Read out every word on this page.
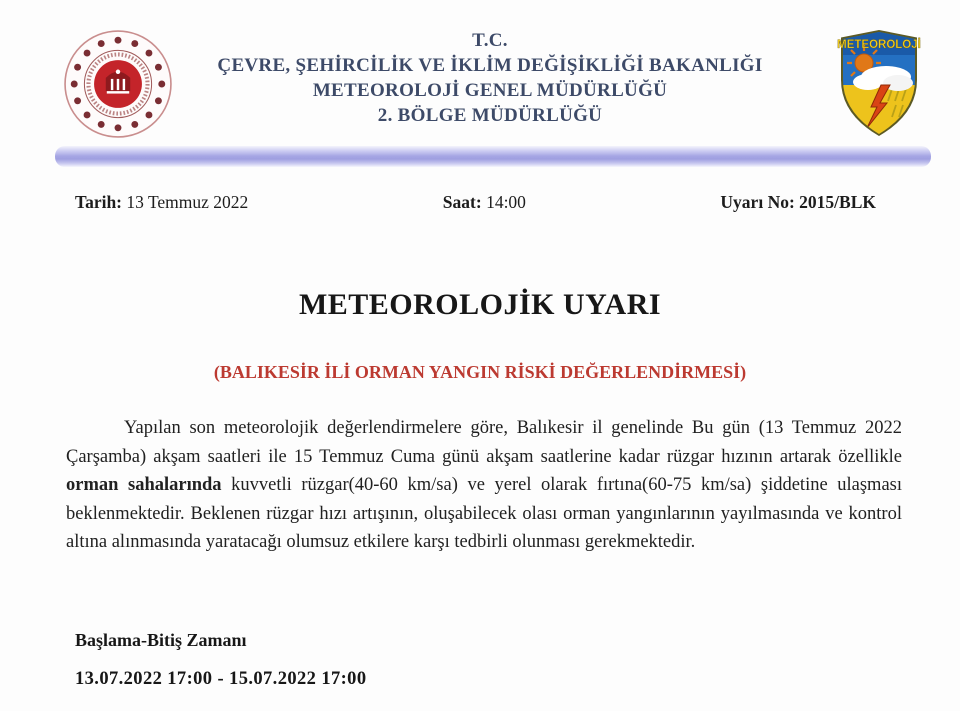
T.C.
ÇEVRE, ŞEHİRCİLİK VE İKLİM DEĞİŞİKLİĞİ BAKANLIĞI
METEOROLOJİ GENEL MÜDÜRLÜĞÜ
2. BÖLGE MÜDÜRLÜĞÜ
METEOROLOJİ
Tarih: 13 Temmuz 2022	Saat: 14:00	Uyarı No: 2015/BLK
METEOROLOJİK UYARI
(BALIKESİR İLİ ORMAN YANGIN RİSKİ DEĞERLENDİRMESİ)

Yapılan son meteorolojik değerlendirmelere göre, Balıkesir il genelinde Bu gün (13 Temmuz 2022 Çarşamba) akşam saatleri ile 15 Temmuz Cuma günü akşam saatlerine kadar rüzgar hızının artarak özellikle orman sahalarında kuvvetli rüzgar(40-60 km/sa) ve yerel olarak fırtına(60-75 km/sa) şiddetine ulaşması beklenmektedir. Beklenen rüzgar hızı artışının, oluşabilecek olası orman yangınlarının yayılmasında ve kontrol altına alınmasında yaratacağı olumsuz etkilere karşı tedbirli olunması gerekmektedir.

Başlama-Bitiş Zamanı
13.07.2022 17:00 - 15.07.2022 17:00
